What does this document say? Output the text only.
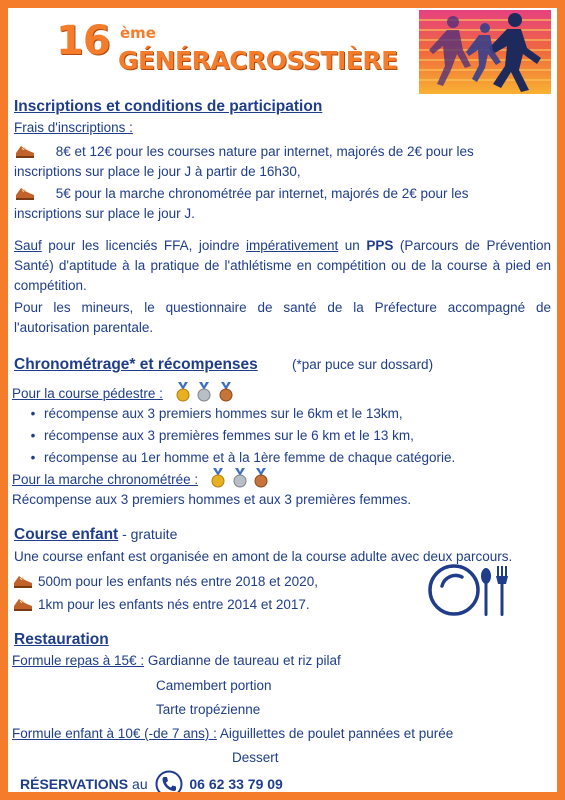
16 ème
GÉNÉRACROSSTIÈRE
Inscriptions et conditions de participation
Frais d'inscriptions :
8€ et 12€ pour les courses nature par internet, majorés de 2€ pour les
inscriptions sur place le jour J à partir de 16h30,
5€ pour la marche chronométrée par internet, majorés de 2€ pour les
inscriptions sur place le jour J.
Sauf pour les licenciés FFA, joindre impérativement un PPS (Parcours de Prévention Santé) d'aptitude à la pratique de l'athlétisme en compétition ou de la course à pied en compétition.
Pour les mineurs, le questionnaire de santé de la Préfecture accompagné de l'autorisation parentale.
Chronométrage* et récompenses	(*par puce sur dossard)
Pour la course pédestre :
• récompense aux 3 premiers hommes sur le 6km et le 13km,
• récompense aux 3 premières femmes sur le 6 km et le 13 km,
• récompense au 1er homme et à la 1ère femme de chaque catégorie.
Pour la marche chronométrée :
Récompense aux 3 premiers hommes et aux 3 premières femmes.
Course enfant - gratuite
Une course enfant est organisée en amont de la course adulte avec deux parcours.
500m pour les enfants nés entre 2018 et 2020,
1km pour les enfants nés entre 2014 et 2017.
Restauration
Formule repas à 15€ : Gardianne de taureau et riz pilaf
Camembert portion
Tarte tropézienne
Formule enfant à 10€ (-de 7 ans) : Aiguillettes de poulet pannées et purée
Dessert
RÉSERVATIONS au	06 62 33 79 09
